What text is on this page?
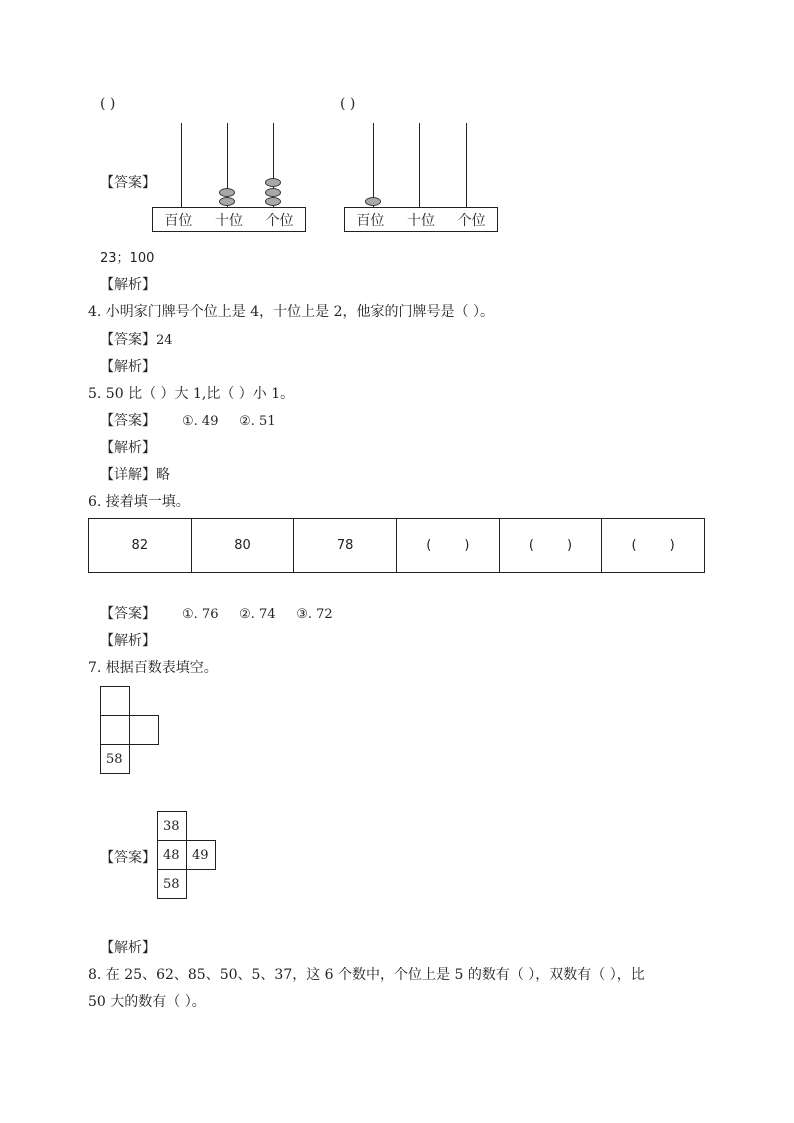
( )	( )
【答案】
百位 十位 个位	百位 十位 个位
23；100
【解析】
4. 小明家门牌号个位上是 4，十位上是 2，他家的门牌号是（ ）。
【答案】24
【解析】
5. 50 比（ ）大 1,比（ ）小 1。
【答案】 ①. 49     ②. 51
【解析】
【详解】略
6. 接着填一填。
82	80	78	(        )	(        )	(        )
【答案】 ①. 76     ②. 74     ③. 72
【解析】
7. 根据百数表填空。
58
【答案】
38
48 49
58
【解析】
8. 在 25、62、85、50、5、37，这 6 个数中，个位上是 5 的数有（ ），双数有（ ），比
50 大的数有（ ）。
